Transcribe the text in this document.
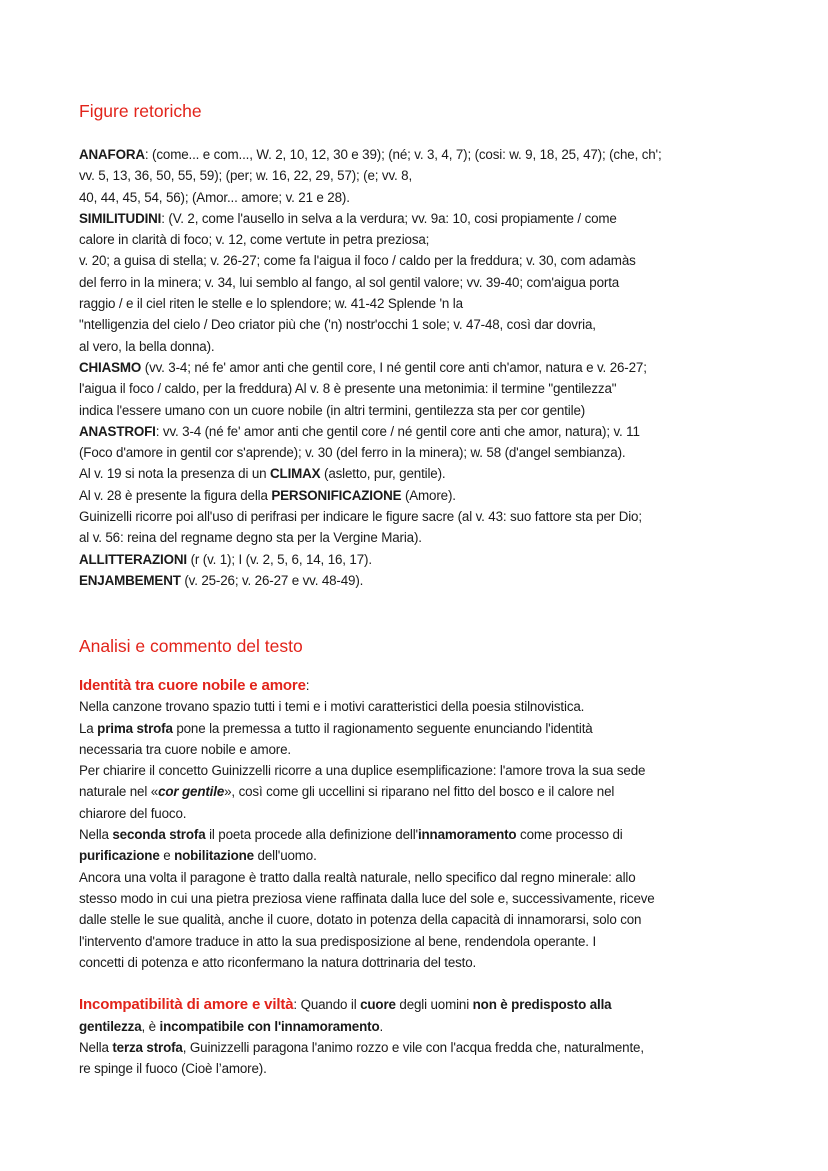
Figure retoriche
ANAFORA: (come... e com..., W. 2, 10, 12, 30 e 39); (né; v. 3, 4, 7); (cosi: w. 9, 18, 25, 47); (che, ch';
vv. 5, 13, 36, 50, 55, 59); (per; w. 16, 22, 29, 57); (e; vv. 8,
40, 44, 45, 54, 56); (Amor... amore; v. 21 e 28).
SIMILITUDINI: (V. 2, come l'ausello in selva a la verdura; vv. 9a: 10, cosi propiamente / come
calore in clarità di foco; v. 12, come vertute in petra preziosa;
v. 20; a guisa di stella; v. 26-27; come fa l'aigua il foco / caldo per la freddura; v. 30, com adamàs
del ferro in la minera; v. 34, lui semblo al fango, al sol gentil valore; vv. 39-40; com'aigua porta
raggio / e il ciel riten le stelle e lo splendore; w. 41-42 Splende 'n la
"ntelligenzia del cielo / Deo criator più che ('n) nostr'occhi 1 sole; v. 47-48, così dar dovria,
al vero, la bella donna).
CHIASMO (vv. 3-4; né fe' amor anti che gentil core, I né gentil core anti ch'amor, natura e v. 26-27;
l'aigua il foco / caldo, per la freddura) Al v. 8 è presente una metonimia: il termine "gentilezza"
indica l'essere umano con un cuore nobile (in altri termini, gentilezza sta per cor gentile)
ANASTROFI: vv. 3-4 (né fe' amor anti che gentil core / né gentil core anti che amor, natura); v. 11
(Foco d'amore in gentil cor s'aprende); v. 30 (del ferro in la minera); w. 58 (d'angel sembianza).
Al v. 19 si nota la presenza di un CLIMAX (asletto, pur, gentile).
Al v. 28 è presente la figura della PERSONIFICAZIONE (Amore).
Guinizelli ricorre poi all'uso di perifrasi per indicare le figure sacre (al v. 43: suo fattore sta per Dio;
al v. 56: reina del regname degno sta per la Vergine Maria).
ALLITTERAZIONI (r (v. 1); I (v. 2, 5, 6, 14, 16, 17).
ENJAMBEMENT (v. 25-26; v. 26-27 e vv. 48-49).
Analisi e commento del testo
Identità tra cuore nobile e amore:
Nella canzone trovano spazio tutti i temi e i motivi caratteristici della poesia stilnovistica.
La prima strofa pone la premessa a tutto il ragionamento seguente enunciando l'identità
necessaria tra cuore nobile e amore.
Per chiarire il concetto Guinizzelli ricorre a una duplice esemplificazione: l'amore trova la sua sede
naturale nel «cor gentile», così come gli uccellini si riparano nel fitto del bosco e il calore nel
chiarore del fuoco.
Nella seconda strofa il poeta procede alla definizione dell'innamoramento come processo di
purificazione e nobilitazione dell'uomo.
Ancora una volta il paragone è tratto dalla realtà naturale, nello specifico dal regno minerale: allo
stesso modo in cui una pietra preziosa viene raffinata dalla luce del sole e, successivamente, riceve
dalle stelle le sue qualità, anche il cuore, dotato in potenza della capacità di innamorarsi, solo con
l'intervento d'amore traduce in atto la sua predisposizione al bene, rendendola operante. I
concetti di potenza e atto riconfermano la natura dottrinaria del testo.
Incompatibilità di amore e viltà: Quando il cuore degli uomini non è predisposto alla
gentilezza, è incompatibile con l'innamoramento.
Nella terza strofa, Guinizzelli paragona l'animo rozzo e vile con l'acqua fredda che, naturalmente,
re spinge il fuoco (Cioè l’amore).
